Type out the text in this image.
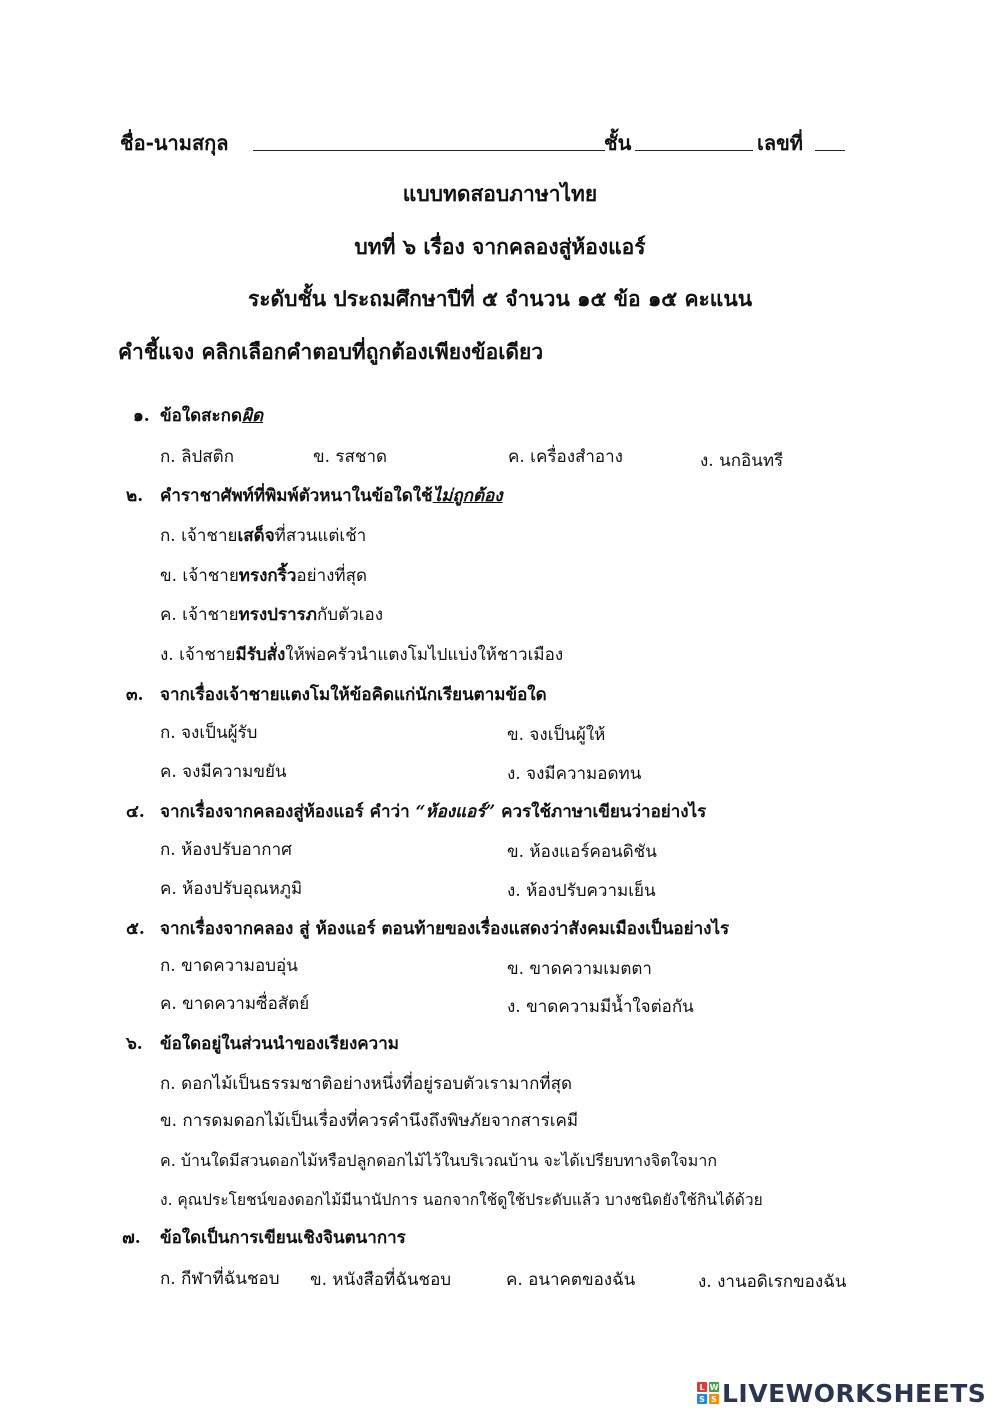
ชื่อ-นามสกุล	ชั้น	เลขที่
แบบทดสอบภาษาไทย
บทที่ ๖ เรื่อง จากคลองสู่ห้องแอร์
ระดับชั้น ประถมศึกษาปีที่ ๕ จำนวน ๑๕ ข้อ ๑๕ คะแนน
คำชี้แจง คลิกเลือกคำตอบที่ถูกต้องเพียงข้อเดียว
๑. ข้อใดสะกดผิด
ก. ลิปสติก	ข. รสชาด	ค. เครื่องสำอาง	ง. นกอินทรี
๒. คำราชาศัพท์ที่พิมพ์ตัวหนาในข้อใดใช้ไม่ถูกต้อง
ก. เจ้าชายเสด็จที่สวนแต่เช้า
ข. เจ้าชายทรงกริ้วอย่างที่สุด
ค. เจ้าชายทรงปรารภกับตัวเอง
ง. เจ้าชายมีรับสั่งให้พ่อครัวนำแตงโมไปแบ่งให้ชาวเมือง
๓. จากเรื่องเจ้าชายแตงโมให้ข้อคิดแก่นักเรียนตามข้อใด
ก. จงเป็นผู้รับ	ข. จงเป็นผู้ให้
ค. จงมีความขยัน	ง. จงมีความอดทน
๔. จากเรื่องจากคลองสู่ห้องแอร์ คำว่า “ห้องแอร์” ควรใช้ภาษาเขียนว่าอย่างไร
ก. ห้องปรับอากาศ	ข. ห้องแอร์คอนดิชัน
ค. ห้องปรับอุณหภูมิ	ง. ห้องปรับความเย็น
๕. จากเรื่องจากคลอง สู่ ห้องแอร์ ตอนท้ายของเรื่องแสดงว่าสังคมเมืองเป็นอย่างไร
ก. ขาดความอบอุ่น	ข. ขาดความเมตตา
ค. ขาดความซื่อสัตย์	ง. ขาดความมีน้ำใจต่อกัน
๖. ข้อใดอยู่ในส่วนนำของเรียงความ
ก. ดอกไม้เป็นธรรมชาติอย่างหนึ่งที่อยู่รอบตัวเรามากที่สุด
ข. การดมดอกไม้เป็นเรื่องที่ควรคำนึงถึงพิษภัยจากสารเคมี
ค. บ้านใดมีสวนดอกไม้หรือปลูกดอกไม้ไว้ในบริเวณบ้าน จะได้เปรียบทางจิตใจมาก
ง. คุณประโยชน์ของดอกไม้มีนานัปการ นอกจากใช้ดูใช้ประดับแล้ว บางชนิดยังใช้กินได้ด้วย
๗. ข้อใดเป็นการเขียนเชิงจินตนาการ
ก. กีฬาที่ฉันชอบ ข. หนังสือที่ฉันชอบ	ค. อนาคตของฉัน	ง. งานอดิเรกของฉัน
L W
S S LIVEWORKSHEETS
